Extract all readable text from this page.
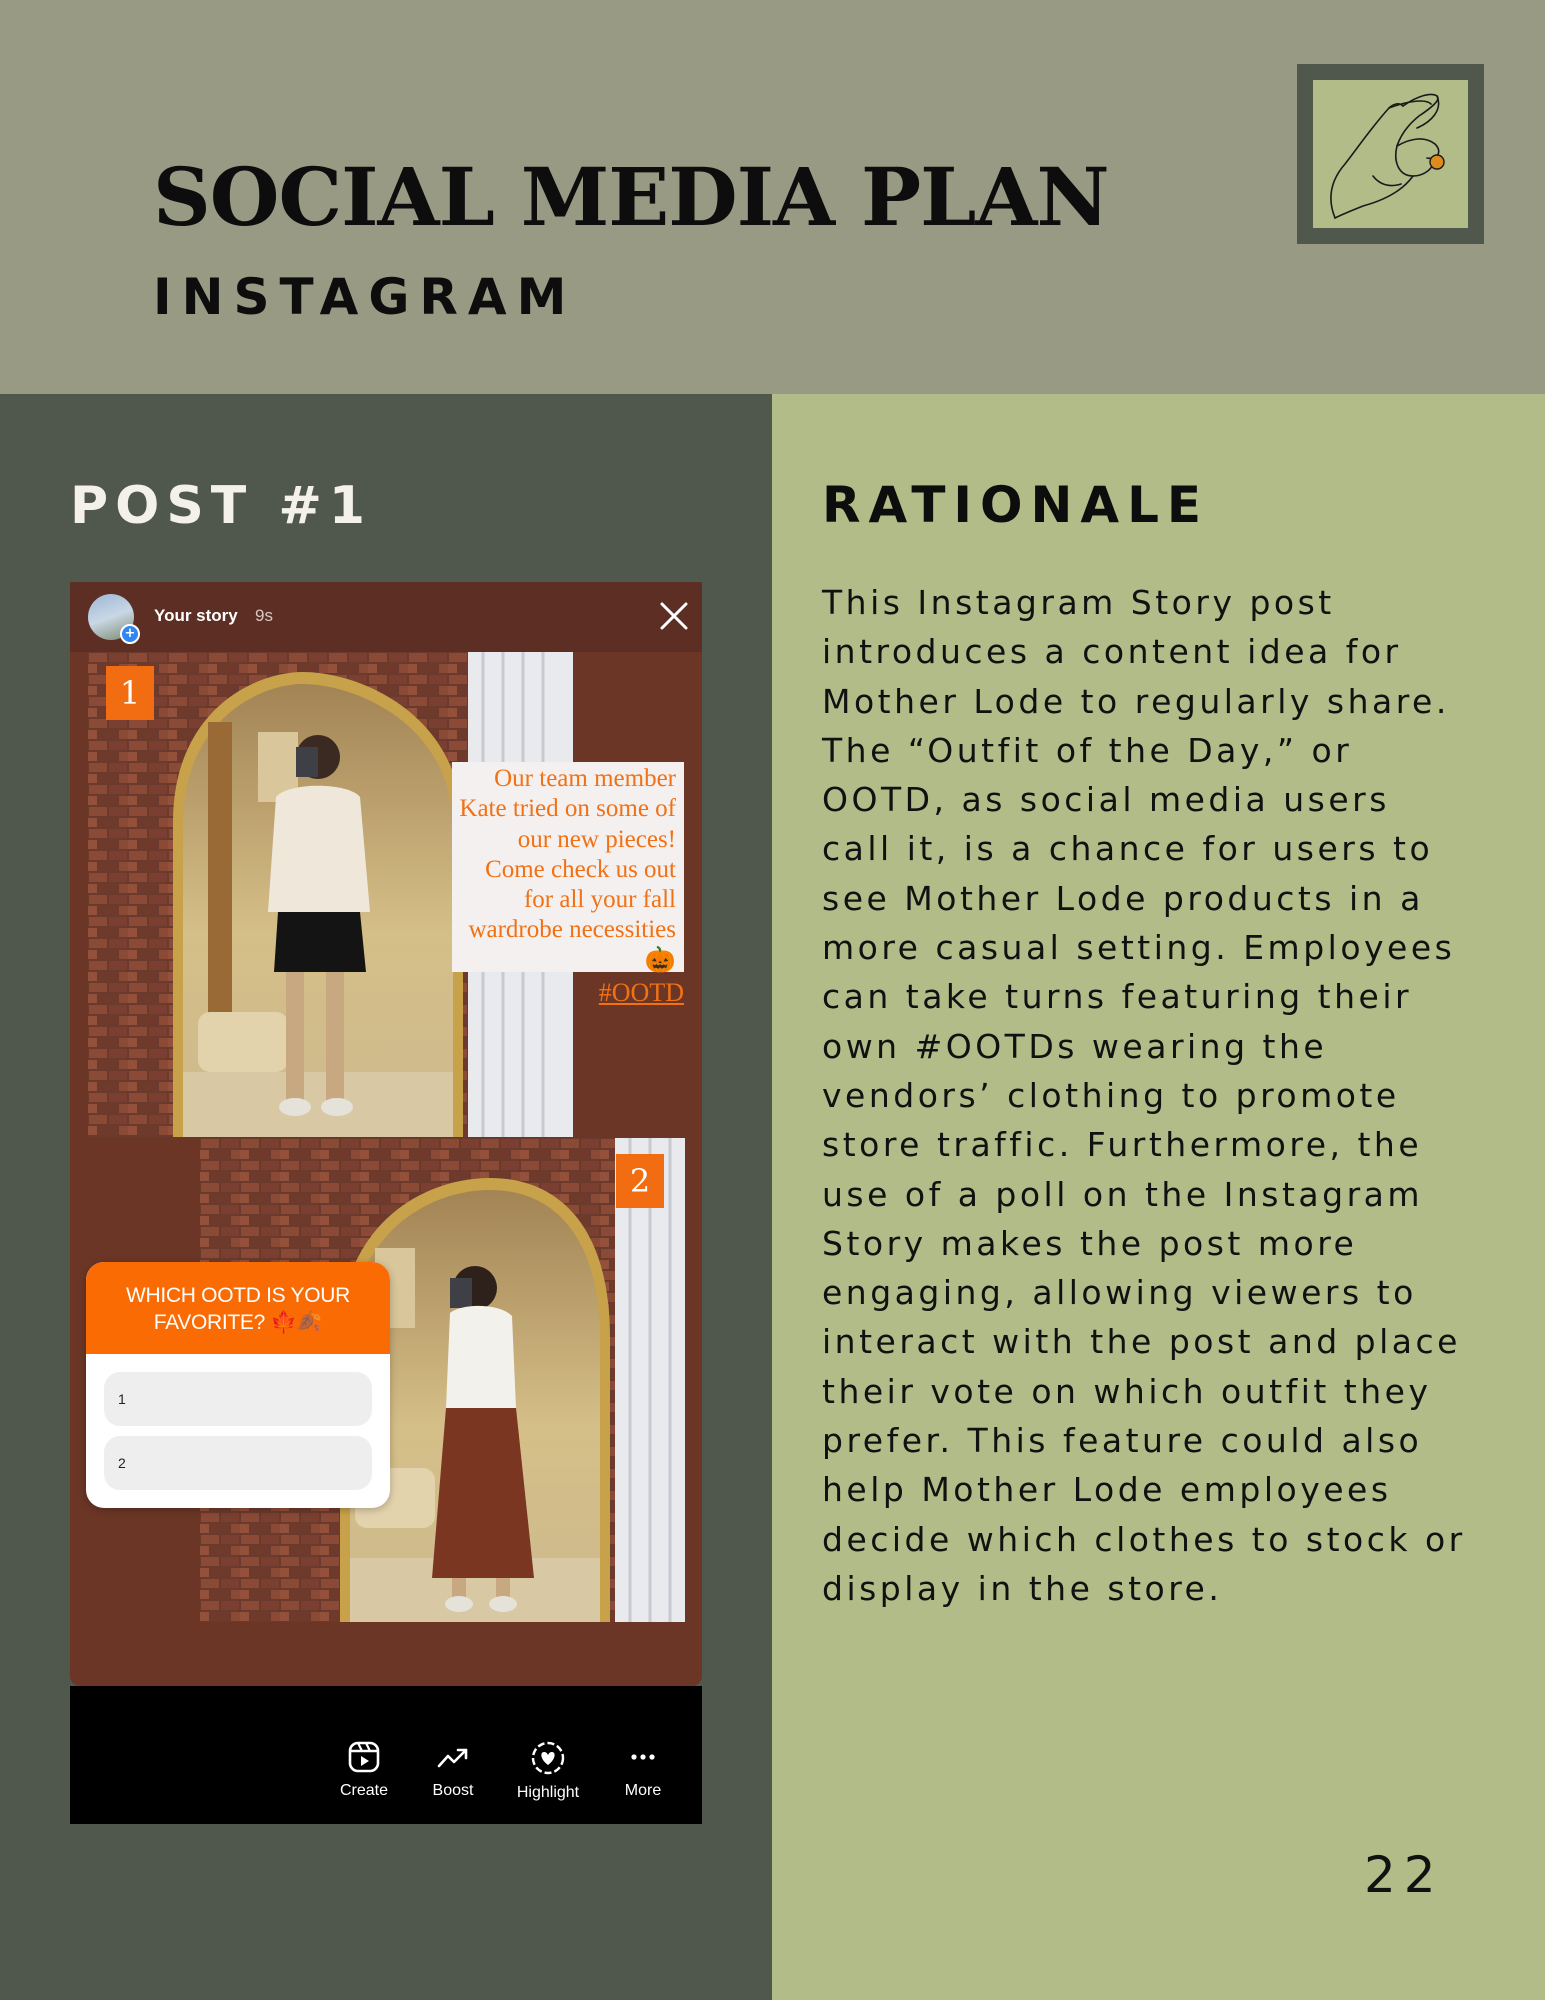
SOCIAL MEDIA PLAN
INSTAGRAM
POST #1
+
Your story 9s
1
2
Our team member Kate tried on some of our new pieces! Come check us out for all your fall wardrobe necessities 🎃
#OOTD
WHICH OOTD IS YOUR FAVORITE? 🍁🍂
1
2
Create	Boost	Highlight	More
RATIONALE

This Instagram Story post
introduces a content idea for
Mother Lode to regularly share.
The “Outfit of the Day,” or
OOTD, as social media users
call it, is a chance for users to
see Mother Lode products in a
more casual setting. Employees
can take turns featuring their
own #OOTDs wearing the
vendors’ clothing to promote
store traffic. Furthermore, the
use of a poll on the Instagram
Story makes the post more
engaging, allowing viewers to
interact with the post and place
their vote on which outfit they
prefer. This feature could also
help Mother Lode employees
decide which clothes to stock or
display in the store.

22
